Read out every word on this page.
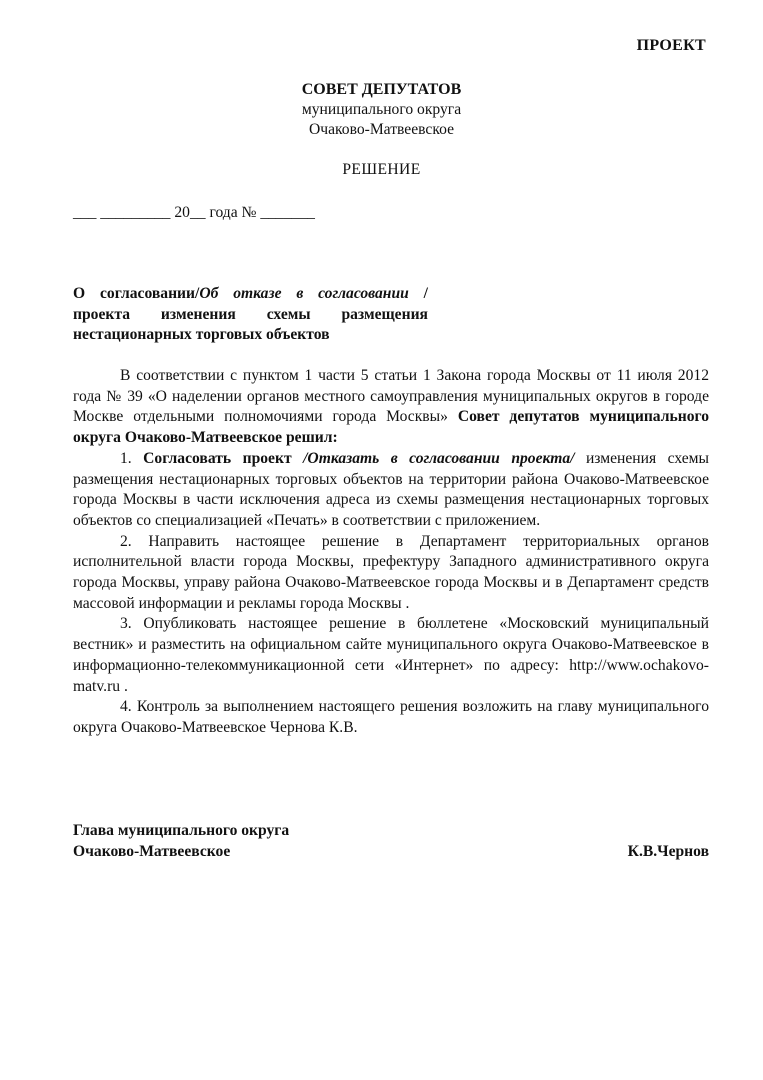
ПРОЕКТ
СОВЕТ ДЕПУТАТОВ
муниципального округа
Очаково-Матвеевское
РЕШЕНИЕ
___ _________ 20__ года № _______

О согласовании/Об отказе в согласовании /

проекта изменения схемы размещения

нестационарных торговых объектов

В соответствии с пунктом 1 части 5 статьи 1 Закона города Москвы от 11 июля 2012 года № 39 «О наделении органов местного самоуправления муниципальных округов в городе Москве отдельными полномочиями города Москвы» Совет депутатов муниципального округа Очаково-Матвеевское решил:

1. Согласовать проект /Отказать в согласовании проекта/ изменения схемы размещения нестационарных торговых объектов на территории района Очаково-Матвеевское города Москвы в части исключения адреса из схемы размещения нестационарных торговых объектов со специализацией «Печать» в соответствии с приложением.

2. Направить настоящее решение в Департамент территориальных органов исполнительной власти города Москвы, префектуру Западного административного округа города Москвы, управу района Очаково-Матвеевское города Москвы и в Департамент средств массовой информации и рекламы города Москвы .

3. Опубликовать настоящее решение в бюллетене «Московский муниципальный вестник» и разместить на официальном сайте муниципального округа Очаково-Матвеевское в информационно-телекоммуникационной сети «Интернет» по адресу: http://www.ochakovo-matv.ru .

4. Контроль за выполнением настоящего решения возложить на главу муниципального округа Очаково-Матвеевское Чернова К.В.

Глава муниципального округа
Очаково-Матвеевское	К.В.Чернов
